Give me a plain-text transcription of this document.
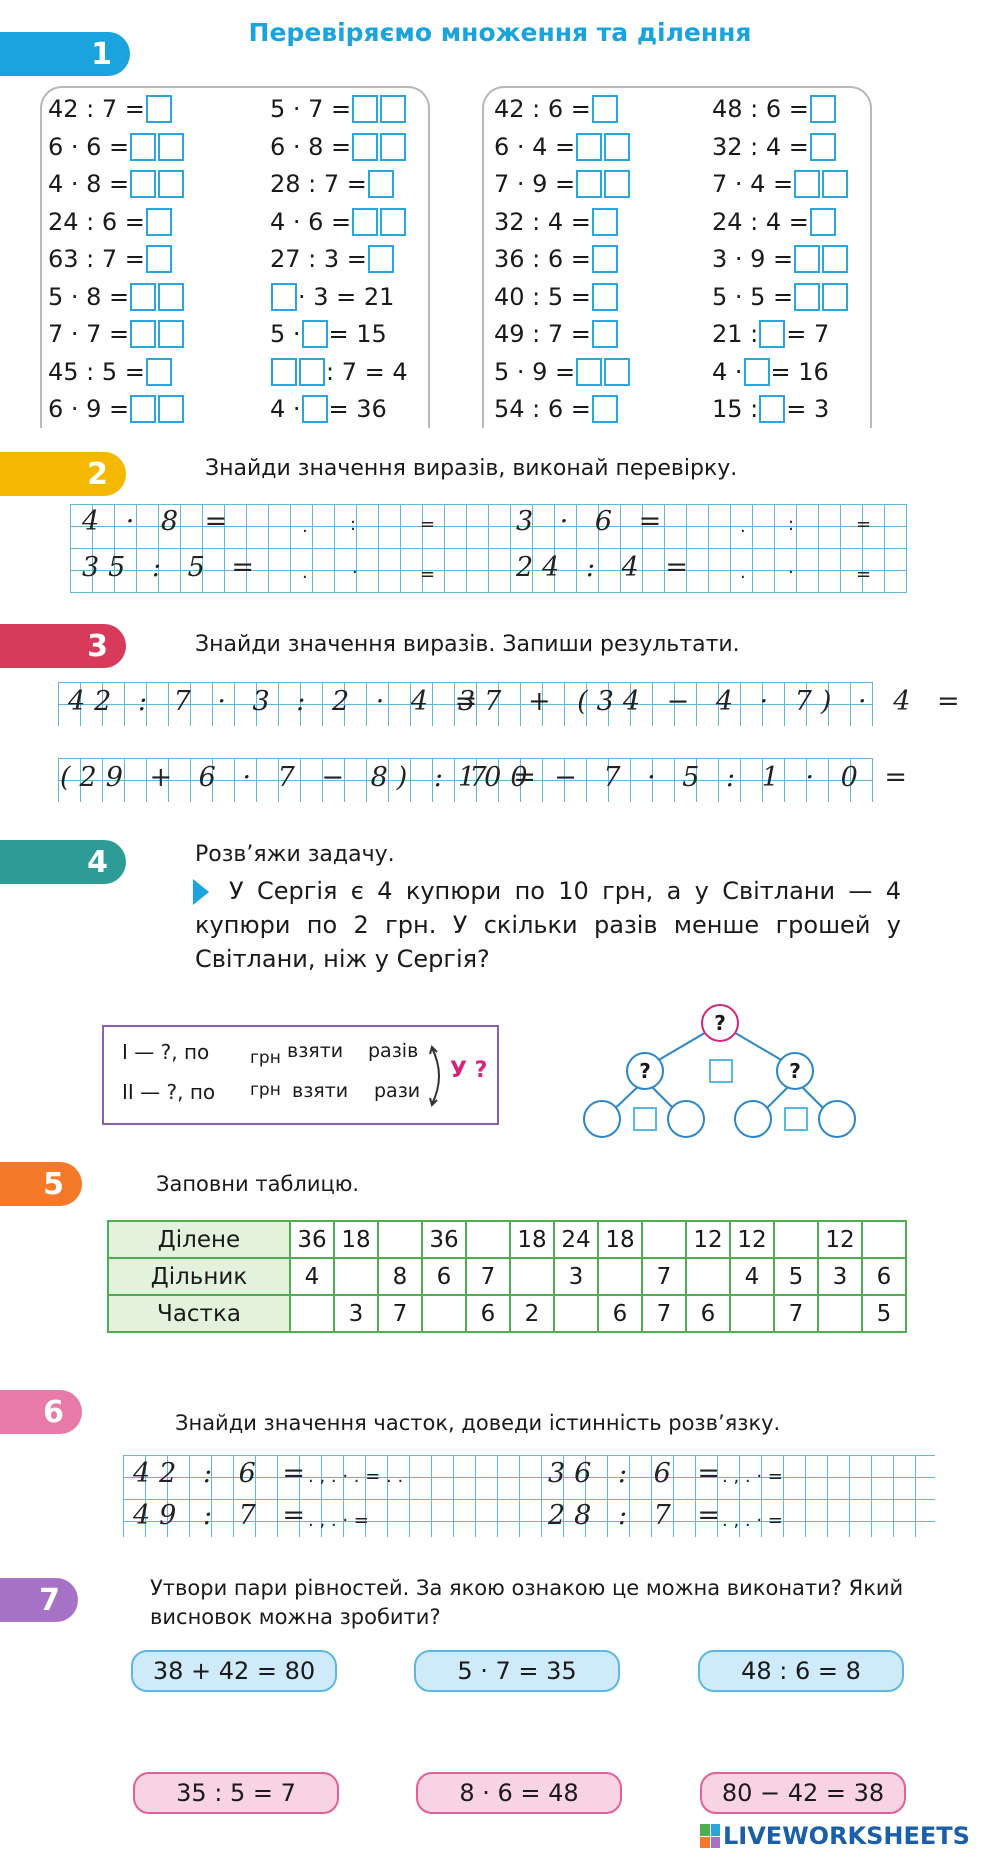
Перевіряємо множення та ділення
1
42 : 7 =	5 · 7 =
6 · 6 =	6 · 8 =
4 · 8 =	28 : 7 =
24 : 6 =	4 · 6 =
63 : 7 =	27 : 3 =
5 · 8 =	· 3 = 21
7 · 7 =	5 · = 15
45 : 5 =	: 7 = 4
6 · 9 =	4 · = 36
42 : 6 =	48 : 6 =
6 · 4 =	32 : 4 =
7 · 9 =	7 · 4 =
32 : 4 =	24 : 4 =
36 : 6 =	3 · 9 =
40 : 5 =	5 · 5 =
49 : 7 =	21 : = 7
5 · 9 =	4 · = 16
54 : 6 =	15 : = 3
2	Знайди значення виразів, виконай перевірку.
4 · 8 =	3 · 6 =
35 : 5 =	24 : 4 =
. :	=	. :	=
. ·	=	. ·	=
3	Знайди значення виразів. Запиши результати.
42 : 7 · 3 : 2 · 4 =
37 + (34 − 4 · 7) · 4 =
(29 + 6 · 7 − 8) : 7 =
100 − 7 · 5 : 1 · 0 =
4	Розв’яжи задачу.
У Сергія є 4 купюри по 10 грн, а у Світлани — 4 купюри по 2 грн. У скільки разів менше грошей у Світлани, ніж у Сергія?
І — ?, по грн взяти разів
ІІ — ?, по грн взяти рази
У ?
?
?	?
5	Заповни таблицю.
Ділене	36	18		36		18	24	18		12	12		12	
Дільник	4		8	6	7		3		7		4	5	3	6
Частка		3	7		6	2		6	7	6		7		5
6	Знайди значення часток, доведи істинність розв’язку.
42 : 6 =	36 : 6 =
49 : 7 =	28 : 7 =
. , . · . = . .	. , . · =
. , . · =	. , . · =
7	Утвори пари рівностей. За якою ознакою це можна виконати? Який висновок можна зробити?
38 + 42 = 80	5 · 7 = 35	48 : 6 = 8
35 : 5 = 7	8 · 6 = 48	80 − 42 = 38
LIVEWORKSHEETS
